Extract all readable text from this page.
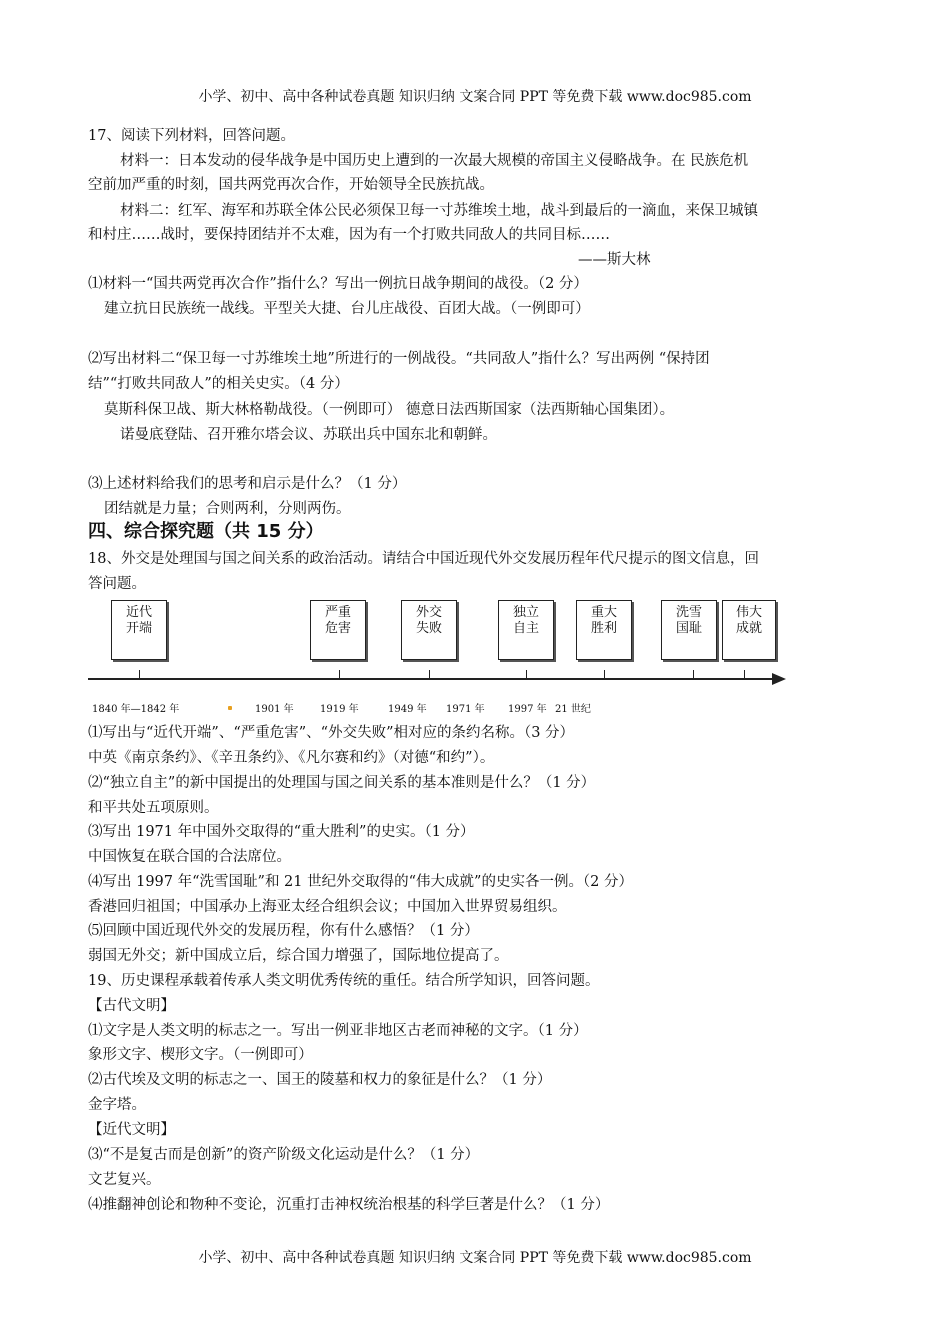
小学、初中、高中各种试卷真题 知识归纳 文案合同 PPT 等免费下载 www.doc985.com
17、阅读下列材料，回答问题。
材料一：日本发动的侵华战争是中国历史上遭到的一次最大规模的帝国主义侵略战争。在 民族危机
空前加严重的时刻，国共两党再次合作，开始领导全民族抗战。
材料二：红军、海军和苏联全体公民必须保卫每一寸苏维埃土地，战斗到最后的一滴血，来保卫城镇
和村庄……战时，要保持团结并不太难，因为有一个打败共同敌人的共同目标……
——斯大林
⑴材料一“国共两党再次合作”指什么？写出一例抗日战争期间的战役。（2 分）
建立抗日民族统一战线。平型关大捷、台儿庄战役、百团大战。（一例即可）
⑵写出材料二“保卫每一寸苏维埃土地”所进行的一例战役。“共同敌人”指什么？写出两例 “保持团
结”“打败共同敌人”的相关史实。（4 分）
莫斯科保卫战、斯大林格勒战役。（一例即可） 德意日法西斯国家（法西斯轴心国集团）。
诺曼底登陆、召开雅尔塔会议、苏联出兵中国东北和朝鲜。
⑶上述材料给我们的思考和启示是什么？（1 分）
团结就是力量；合则两利，分则两伤。
四、综合探究题（共 15 分）
18、外交是处理国与国之间关系的政治活动。请结合中国近现代外交发展历程年代尺提示的图文信息，回
答问题。
近代
开端
严重
危害
外交
失败
独立
自主
重大
胜利
洗雪
国耻
伟大
成就
1840 年—1842 年	1901 年	1919 年	1949 年 1971 年 1997 年 21 世纪
⑴写出与“近代开端”、“严重危害”、“外交失败”相对应的条约名称。（3 分）
中英《南京条约》、《辛丑条约》、《凡尔赛和约》（对德“和约”）。
⑵“独立自主”的新中国提出的处理国与国之间关系的基本准则是什么？（1 分）
和平共处五项原则。
⑶写出 1971 年中国外交取得的“重大胜利”的史实。（1 分）
中国恢复在联合国的合法席位。
⑷写出 1997 年“洗雪国耻”和 21 世纪外交取得的“伟大成就”的史实各一例。（2 分）
香港回归祖国；中国承办上海亚太经合组织会议；中国加入世界贸易组织。
⑸回顾中国近现代外交的发展历程，你有什么感悟？（1 分）
弱国无外交；新中国成立后，综合国力增强了，国际地位提高了。
19、历史课程承载着传承人类文明优秀传统的重任。结合所学知识，回答问题。
【古代文明】
⑴文字是人类文明的标志之一。写出一例亚非地区古老而神秘的文字。（1 分）
象形文字、楔形文字。（一例即可）
⑵古代埃及文明的标志之一、国王的陵墓和权力的象征是什么？（1 分）
金字塔。
【近代文明】
⑶“不是复古而是创新”的资产阶级文化运动是什么？（1 分）
文艺复兴。
⑷推翻神创论和物种不变论，沉重打击神权统治根基的科学巨著是什么？（1 分）
小学、初中、高中各种试卷真题 知识归纳 文案合同 PPT 等免费下载 www.doc985.com
